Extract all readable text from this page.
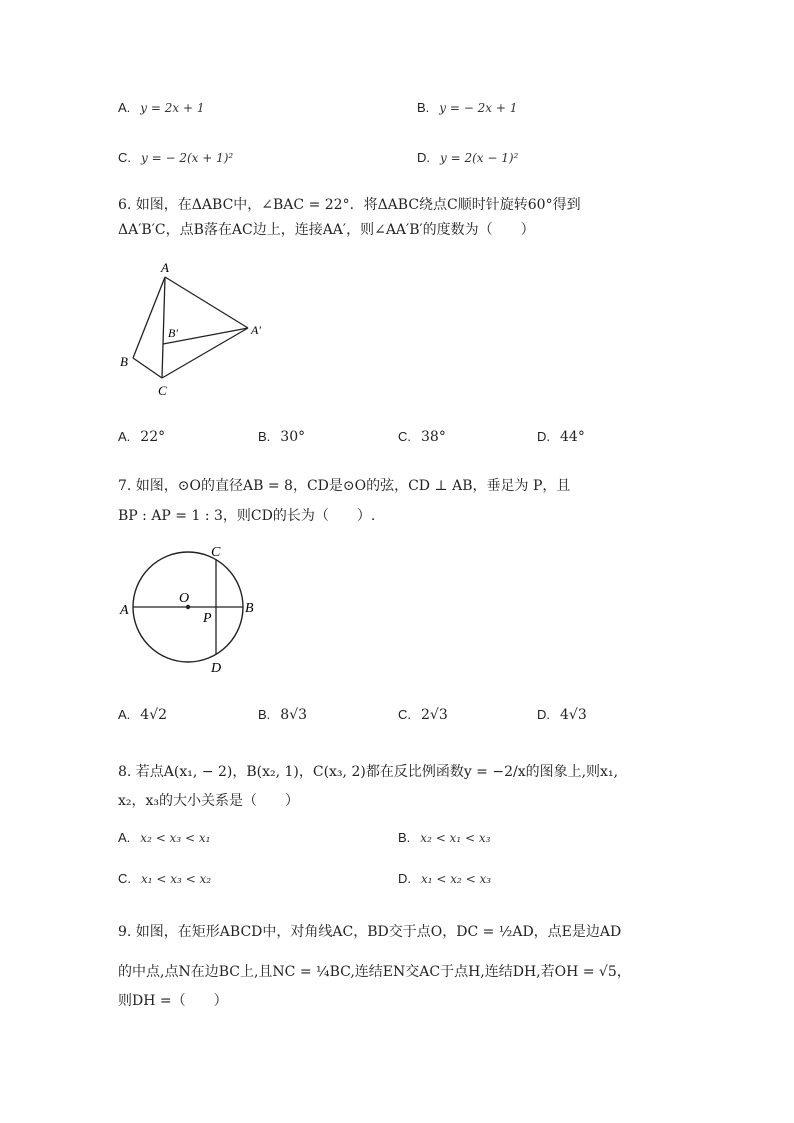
A. y = 2x + 1	B. y = − 2x + 1
C. y = − 2(x + 1)²	D. y = 2(x − 1)²
6. 如图，在ΔABC中，∠BAC = 22°．将ΔABC绕点C顺时针旋转60°得到
ΔA′B′C，点B落在AC边上，连接AA′，则∠AA′B′的度数为（　　）
A
B′	A′
B
C
A. 22°	B. 30°	C. 38°	D. 44°
7. 如图，⊙O的直径AB = 8，CD是⊙O的弦，CD ⊥ AB，垂足为 P，且
BP : AP = 1 : 3，则CD的长为（　　）.
C
O
A
P
B
D
A. 4√2	B. 8√3	C. 2√3	D. 4√3
8. 若点A(x₁, − 2)，B(x₂, 1)，C(x₃, 2)都在反比例函数y = −2/x的图象上,则x₁,
x₂，x₃的大小关系是（　　）
A. x₂ < x₃ < x₁	B. x₂ < x₁ < x₃
C. x₁ < x₃ < x₂	D. x₁ < x₂ < x₃
9. 如图，在矩形ABCD中，对角线AC，BD交于点O，DC = ½AD，点E是边AD
的中点,点N在边BC上,且NC = ¼BC,连结EN交AC于点H,连结DH,若OH = √5，
则DH =（　　）
